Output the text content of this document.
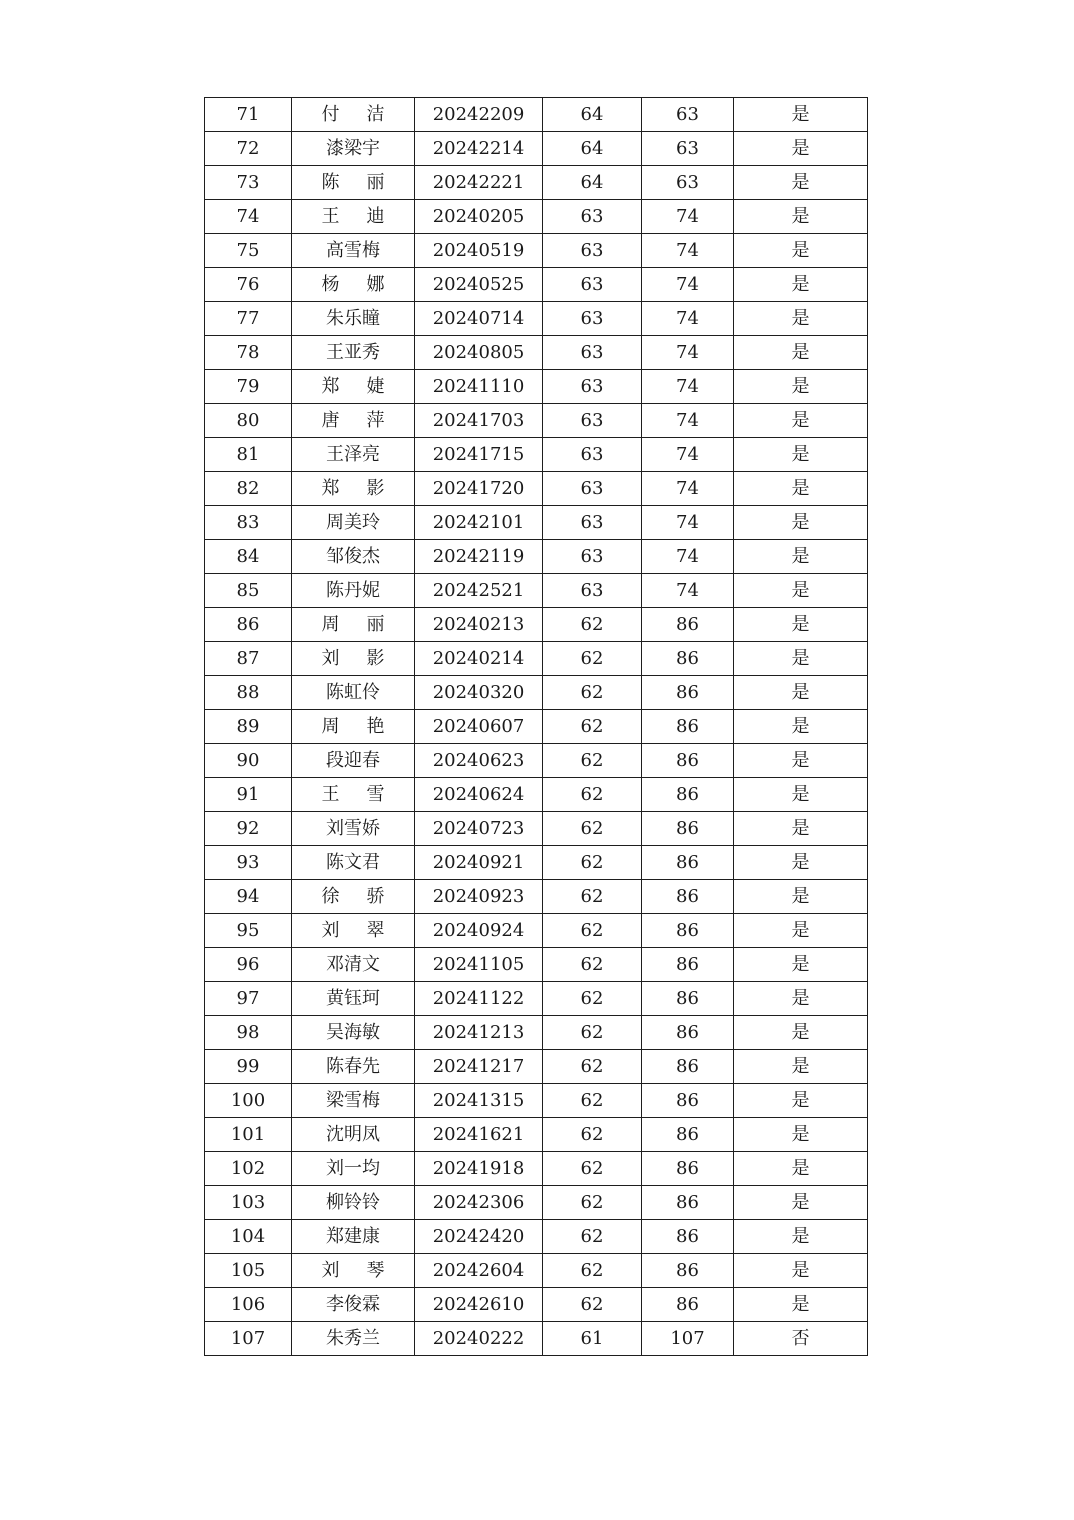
71	付洁	20242209	64	63	是
72	漆梁宇	20242214	64	63	是
73	陈丽	20242221	64	63	是
74	王迪	20240205	63	74	是
75	高雪梅	20240519	63	74	是
76	杨娜	20240525	63	74	是
77	朱乐瞳	20240714	63	74	是
78	王亚秀	20240805	63	74	是
79	郑婕	20241110	63	74	是
80	唐萍	20241703	63	74	是
81	王泽亮	20241715	63	74	是
82	郑影	20241720	63	74	是
83	周美玲	20242101	63	74	是
84	邹俊杰	20242119	63	74	是
85	陈丹妮	20242521	63	74	是
86	周丽	20240213	62	86	是
87	刘影	20240214	62	86	是
88	陈虹伶	20240320	62	86	是
89	周艳	20240607	62	86	是
90	段迎春	20240623	62	86	是
91	王雪	20240624	62	86	是
92	刘雪娇	20240723	62	86	是
93	陈文君	20240921	62	86	是
94	徐骄	20240923	62	86	是
95	刘翠	20240924	62	86	是
96	邓清文	20241105	62	86	是
97	黄钰珂	20241122	62	86	是
98	吴海敏	20241213	62	86	是
99	陈春先	20241217	62	86	是
100	梁雪梅	20241315	62	86	是
101	沈明凤	20241621	62	86	是
102	刘一均	20241918	62	86	是
103	柳铃铃	20242306	62	86	是
104	郑建康	20242420	62	86	是
105	刘琴	20242604	62	86	是
106	李俊霖	20242610	62	86	是
107	朱秀兰	20240222	61	107	否
